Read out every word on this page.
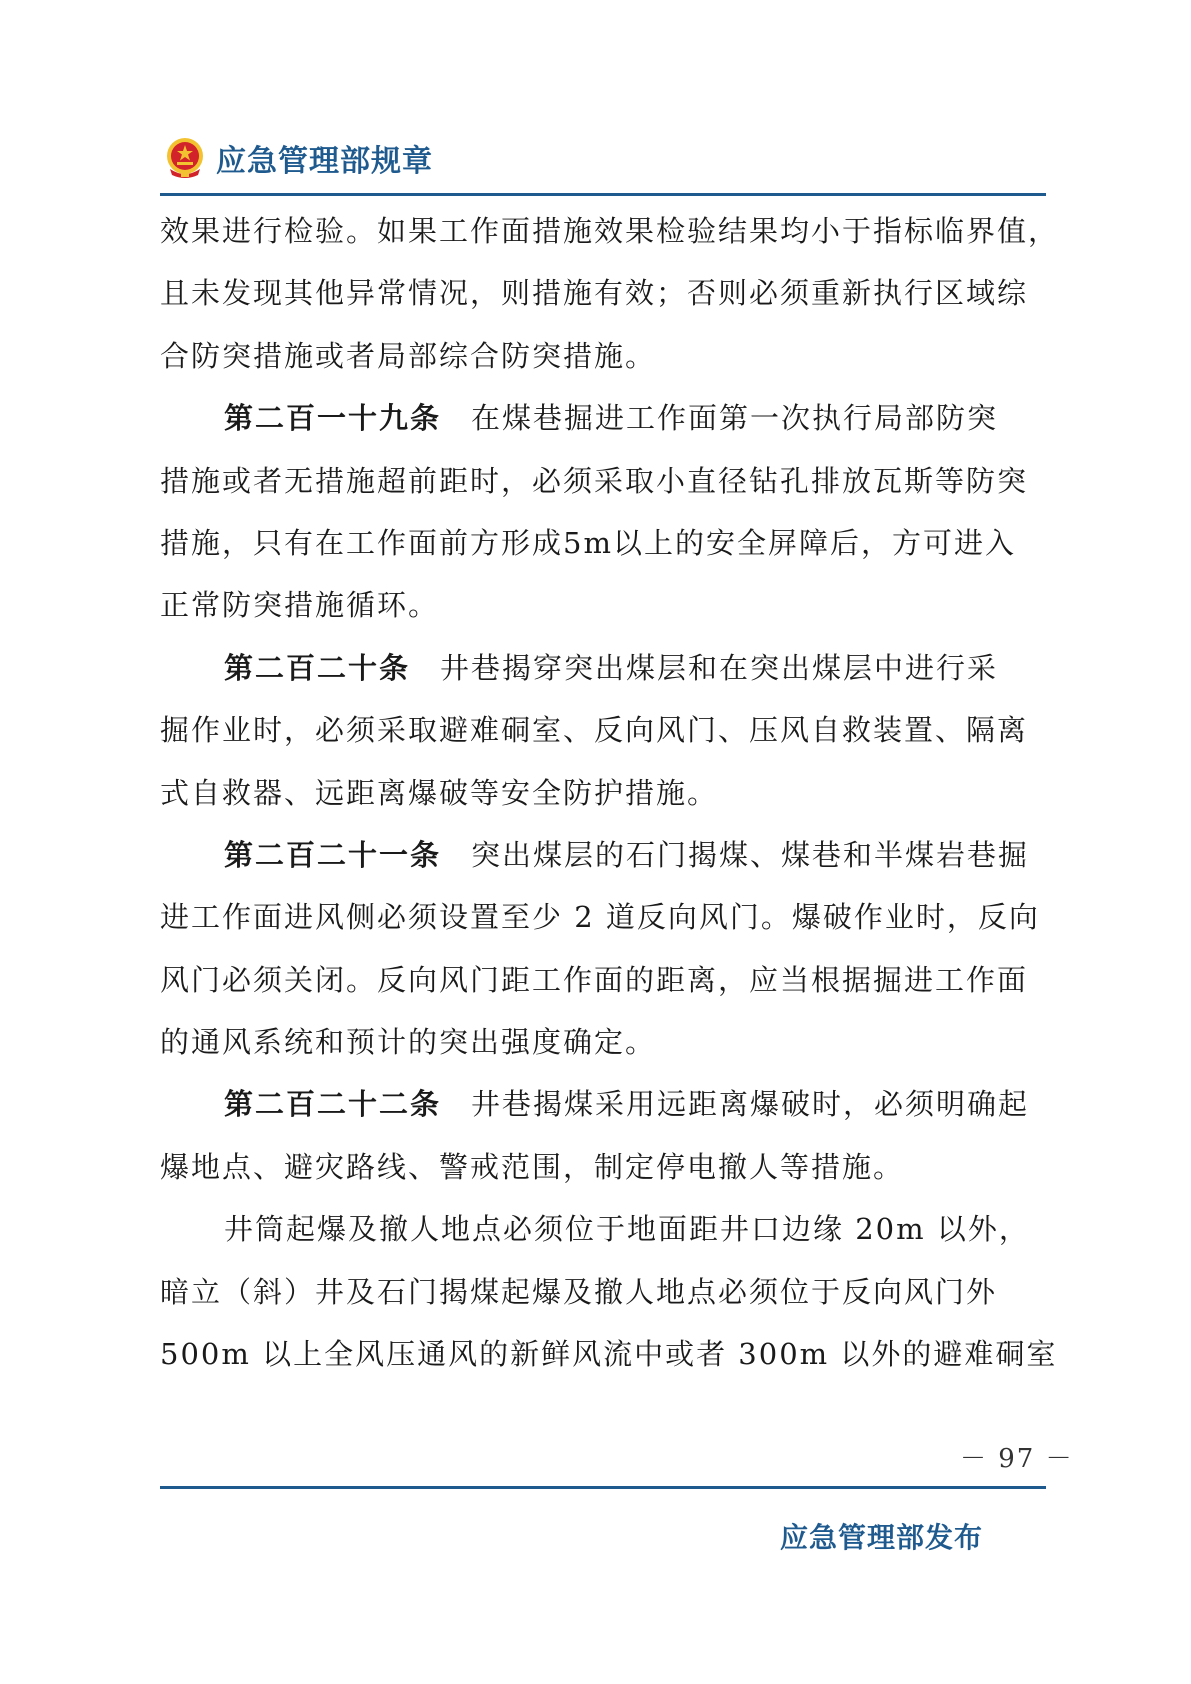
应急管理部规章
效果进行检验。如果工作面措施效果检验结果均小于指标临界值，
且未发现其他异常情况，则措施有效；否则必须重新执行区域综
合防突措施或者局部综合防突措施。
第二百一十九条 在煤巷掘进工作面第一次执行局部防突
措施或者无措施超前距时，必须采取小直径钻孔排放瓦斯等防突
措施，只有在工作面前方形成5m以上的安全屏障后，方可进入
正常防突措施循环。
第二百二十条 井巷揭穿突出煤层和在突出煤层中进行采
掘作业时，必须采取避难硐室、反向风门、压风自救装置、隔离
式自救器、远距离爆破等安全防护措施。
第二百二十一条 突出煤层的石门揭煤、煤巷和半煤岩巷掘
进工作面进风侧必须设置至少 2 道反向风门。爆破作业时，反向
风门必须关闭。反向风门距工作面的距离，应当根据掘进工作面
的通风系统和预计的突出强度确定。
第二百二十二条 井巷揭煤采用远距离爆破时，必须明确起
爆地点、避灾路线、警戒范围，制定停电撤人等措施。
井筒起爆及撤人地点必须位于地面距井口边缘 20m 以外，
暗立（斜）井及石门揭煤起爆及撤人地点必须位于反向风门外
500m 以上全风压通风的新鲜风流中或者 300m 以外的避难硐室
－ 97 －
应急管理部发布
